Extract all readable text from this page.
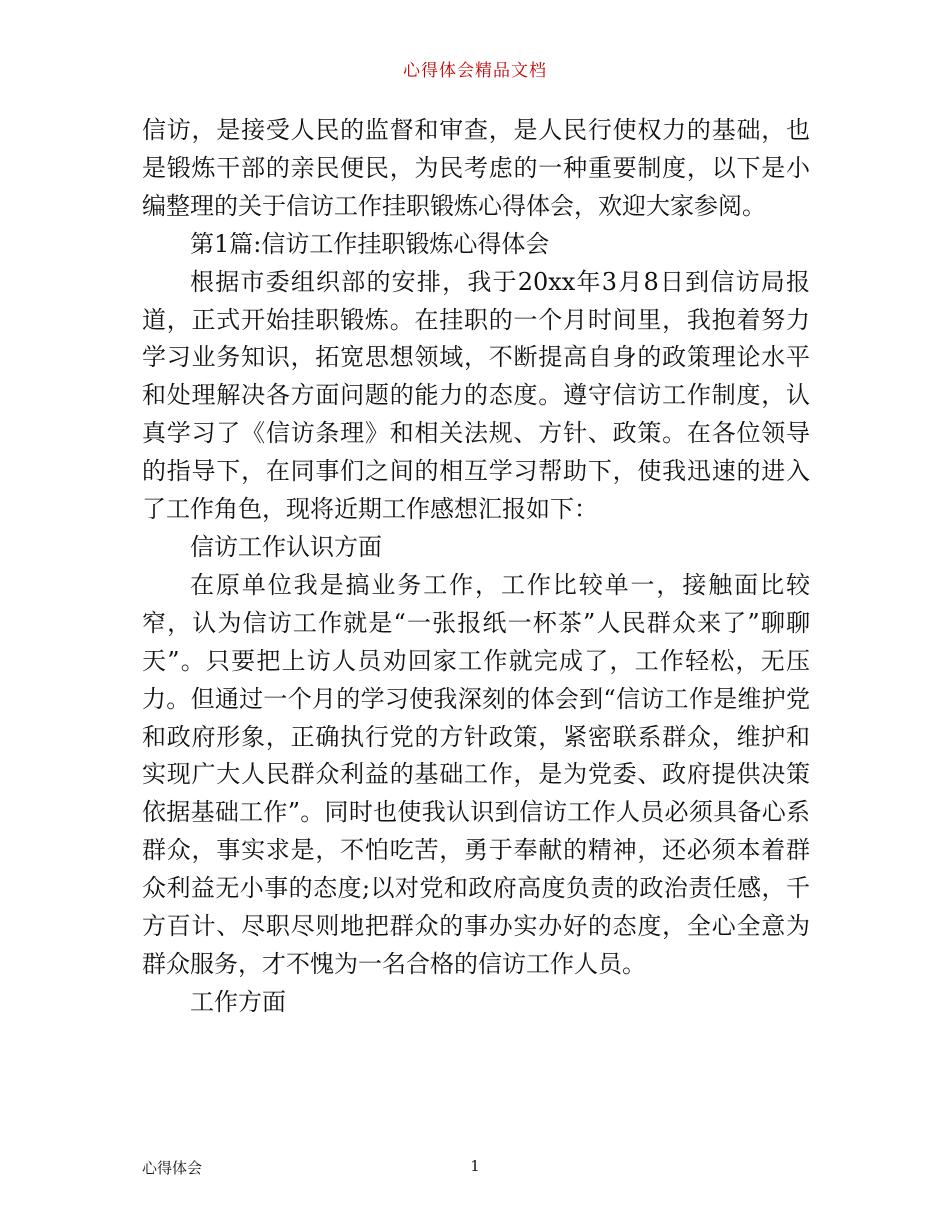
心得体会精品文档

信访，是接受人民的监督和审查，是人民行使权力的基础，也是锻炼干部的亲民便民，为民考虑的一种重要制度，以下是小编整理的关于信访工作挂职锻炼心得体会，欢迎大家参阅。

第1篇:信访工作挂职锻炼心得体会

根据市委组织部的安排，我于20xx年3月8日到信访局报道，正式开始挂职锻炼。在挂职的一个月时间里，我抱着努力学习业务知识，拓宽思想领域，不断提高自身的政策理论水平和处理解决各方面问题的能力的态度。遵守信访工作制度，认真学习了《信访条理》和相关法规、方针、政策。在各位领导的指导下，在同事们之间的相互学习帮助下，使我迅速的进入了工作角色，现将近期工作感想汇报如下：

信访工作认识方面

在原单位我是搞业务工作，工作比较单一，接触面比较窄，认为信访工作就是“一张报纸一杯茶”人民群众来了”聊聊天”。只要把上访人员劝回家工作就完成了，工作轻松，无压力。但通过一个月的学习使我深刻的体会到“信访工作是维护党和政府形象，正确执行党的方针政策，紧密联系群众，维护和实现广大人民群众利益的基础工作，是为党委、政府提供决策依据基础工作”。同时也使我认识到信访工作人员必须具备心系群众，事实求是，不怕吃苦，勇于奉献的精神，还必须本着群众利益无小事的态度;以对党和政府高度负责的政治责任感，千方百计、尽职尽则地把群众的事办实办好的态度，全心全意为群众服务，才不愧为一名合格的信访工作人员。

工作方面

心得体会	1
